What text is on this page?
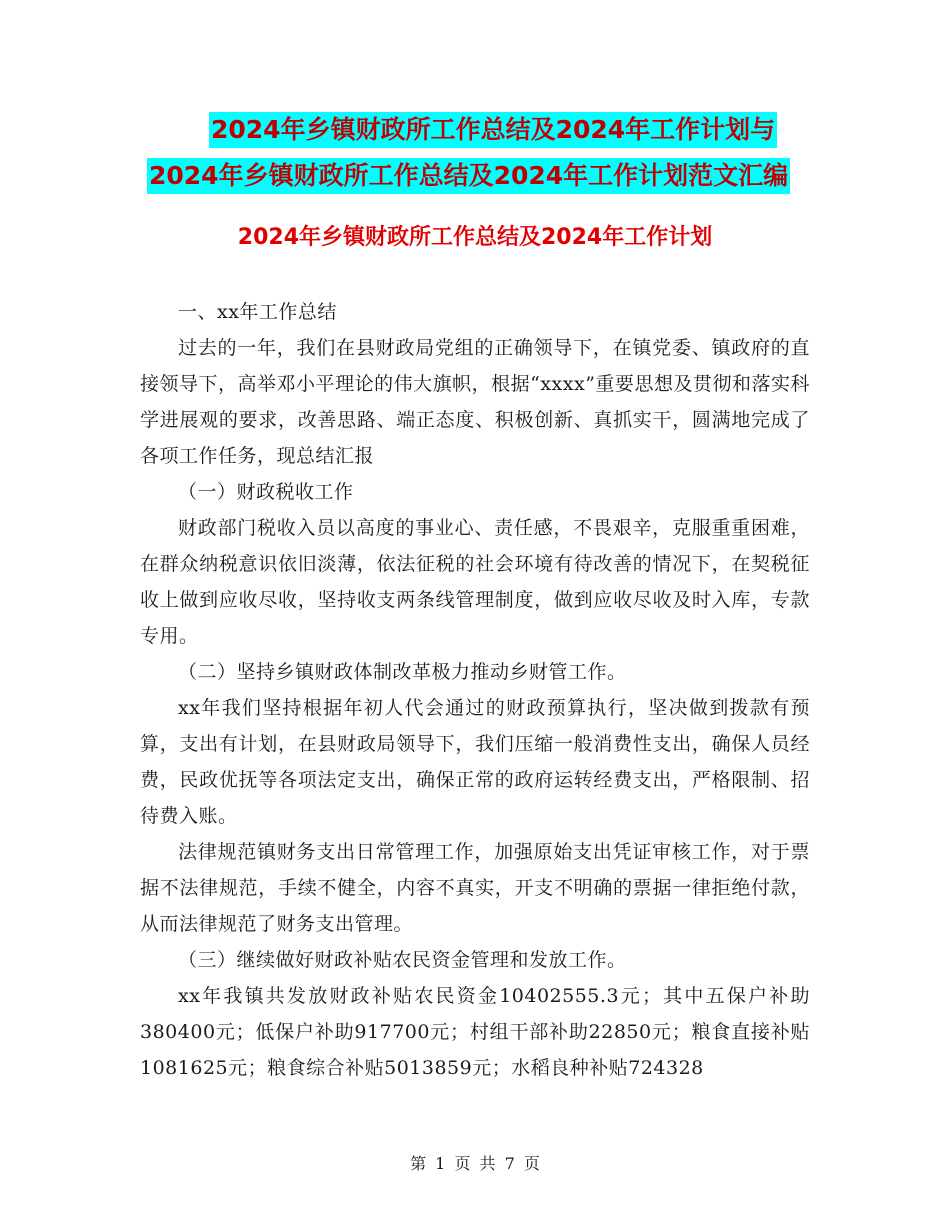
2024年乡镇财政所工作总结及2024年工作计划与
2024年乡镇财政所工作总结及2024年工作计划范文汇编
2024年乡镇财政所工作总结及2024年工作计划

一、xx年工作总结

过去的一年，我们在县财政局党组的正确领导下，在镇党委、镇政府的直接领导下，高举邓小平理论的伟大旗帜，根据“xxxx”重要思想及贯彻和落实科学进展观的要求，改善思路、端正态度、积极创新、真抓实干，圆满地完成了各项工作任务，现总结汇报

（一）财政税收工作

财政部门税收入员以高度的事业心、责任感，不畏艰辛，克服重重困难，在群众纳税意识依旧淡薄，依法征税的社会环境有待改善的情况下，在契税征收上做到应收尽收，坚持收支两条线管理制度，做到应收尽收及时入库，专款专用。

（二）坚持乡镇财政体制改革极力推动乡财管工作。

xx年我们坚持根据年初人代会通过的财政预算执行，坚决做到拨款有预算，支出有计划，在县财政局领导下，我们压缩一般消费性支出，确保人员经费，民政优抚等各项法定支出，确保正常的政府运转经费支出，严格限制、招待费入账。

法律规范镇财务支出日常管理工作，加强原始支出凭证审核工作，对于票据不法律规范，手续不健全，内容不真实，开支不明确的票据一律拒绝付款，从而法律规范了财务支出管理。

（三）继续做好财政补贴农民资金管理和发放工作。

xx年我镇共发放财政补贴农民资金10402555.3元；其中五保户补助380400元；低保户补助917700元；村组干部补助22850元；粮食直接补贴1081625元；粮食综合补贴5013859元；水稻良种补贴724328

第 1 页 共 7 页
